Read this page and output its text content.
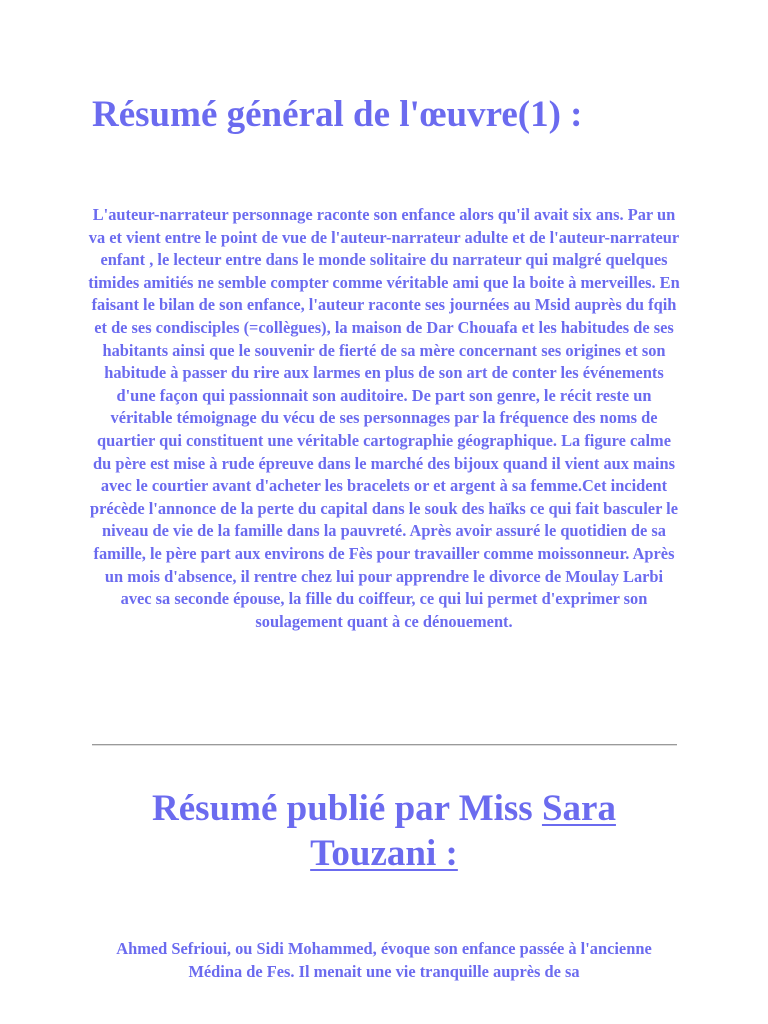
Résumé général de l'œuvre(1) :

L'auteur-narrateur personnage raconte son enfance alors qu'il avait six ans. Par un va et vient entre le point de vue de l'auteur-narrateur adulte et de l'auteur-narrateur enfant , le lecteur entre dans le monde solitaire du narrateur qui malgré quelques timides amitiés ne semble compter comme véritable ami que la boite à merveilles. En faisant le bilan de son enfance, l'auteur raconte ses journées au Msid auprès du fqih et de ses condisciples (=collègues), la maison de Dar Chouafa et les habitudes de ses habitants ainsi que le souvenir de fierté de sa mère concernant ses origines et son habitude à passer du rire aux larmes en plus de son art de conter les événements d'une façon qui passionnait son auditoire. De part son genre, le récit reste un véritable témoignage du vécu de ses personnages par la fréquence des noms de quartier qui constituent une véritable cartographie géographique. La figure calme du père est mise à rude épreuve dans le marché des bijoux quand il vient aux mains avec le courtier avant d'acheter les bracelets or et argent à sa femme.Cet incident précède l'annonce de la perte du capital dans le souk des haïks ce qui fait basculer le niveau de vie de la famille dans la pauvreté. Après avoir assuré le quotidien de sa famille, le père part aux environs de Fès pour travailler comme moissonneur. Après un mois d'absence, il rentre chez lui pour apprendre le divorce de Moulay Larbi avec sa seconde épouse, la fille du coiffeur, ce qui lui permet d'exprimer son soulagement quant à ce dénouement.

Résumé publié par Miss Sara
Touzani :

Ahmed Sefrioui, ou Sidi Mohammed, évoque son enfance passée à l'ancienne Médina de Fes. Il menait une vie tranquille auprès de sa
